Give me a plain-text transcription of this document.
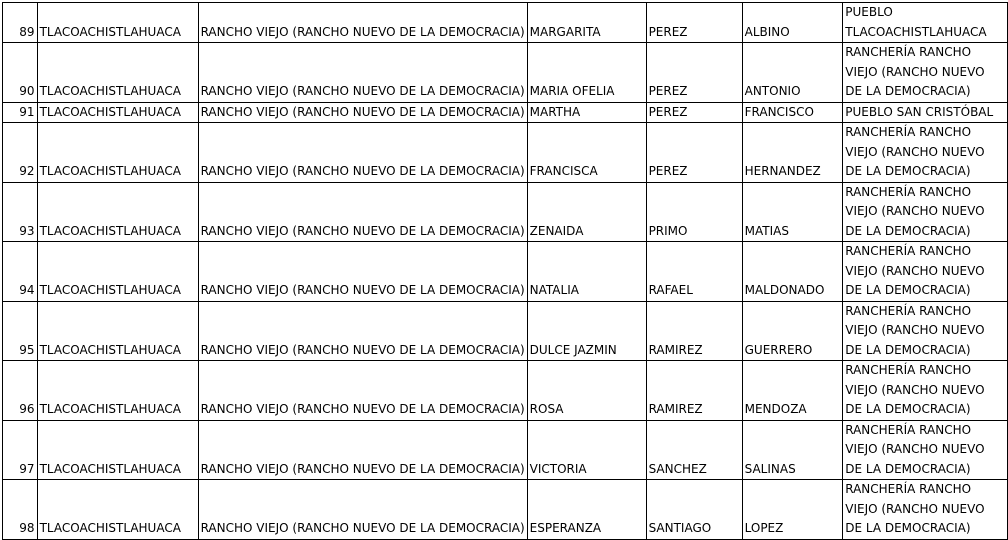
	89	TLACOACHISTLAHUACA	RANCHO VIEJO (RANCHO NUEVO DE LA DEMOCRACIA)	MARGARITA	PEREZ	ALBINO	PUEBLO TLACOACHISTLAHUACA
	90	TLACOACHISTLAHUACA	RANCHO VIEJO (RANCHO NUEVO DE LA DEMOCRACIA)	MARIA OFELIA	PEREZ	ANTONIO	RANCHERÍA RANCHO VIEJO (RANCHO NUEVO DE LA DEMOCRACIA)
	91	TLACOACHISTLAHUACA	RANCHO VIEJO (RANCHO NUEVO DE LA DEMOCRACIA)	MARTHA	PEREZ	FRANCISCO	PUEBLO SAN CRISTÓBAL
	92	TLACOACHISTLAHUACA	RANCHO VIEJO (RANCHO NUEVO DE LA DEMOCRACIA)	FRANCISCA	PEREZ	HERNANDEZ	RANCHERÍA RANCHO VIEJO (RANCHO NUEVO DE LA DEMOCRACIA)
	93	TLACOACHISTLAHUACA	RANCHO VIEJO (RANCHO NUEVO DE LA DEMOCRACIA)	ZENAIDA	PRIMO	MATIAS	RANCHERÍA RANCHO VIEJO (RANCHO NUEVO DE LA DEMOCRACIA)
	94	TLACOACHISTLAHUACA	RANCHO VIEJO (RANCHO NUEVO DE LA DEMOCRACIA)	NATALIA	RAFAEL	MALDONADO	RANCHERÍA RANCHO VIEJO (RANCHO NUEVO DE LA DEMOCRACIA)
	95	TLACOACHISTLAHUACA	RANCHO VIEJO (RANCHO NUEVO DE LA DEMOCRACIA)	DULCE JAZMIN	RAMIREZ	GUERRERO	RANCHERÍA RANCHO VIEJO (RANCHO NUEVO DE LA DEMOCRACIA)
	96	TLACOACHISTLAHUACA	RANCHO VIEJO (RANCHO NUEVO DE LA DEMOCRACIA)	ROSA	RAMIREZ	MENDOZA	RANCHERÍA RANCHO VIEJO (RANCHO NUEVO DE LA DEMOCRACIA)
	97	TLACOACHISTLAHUACA	RANCHO VIEJO (RANCHO NUEVO DE LA DEMOCRACIA)	VICTORIA	SANCHEZ	SALINAS	RANCHERÍA RANCHO VIEJO (RANCHO NUEVO DE LA DEMOCRACIA)
	98	TLACOACHISTLAHUACA	RANCHO VIEJO (RANCHO NUEVO DE LA DEMOCRACIA)	ESPERANZA	SANTIAGO	LOPEZ	RANCHERÍA RANCHO VIEJO (RANCHO NUEVO DE LA DEMOCRACIA)
